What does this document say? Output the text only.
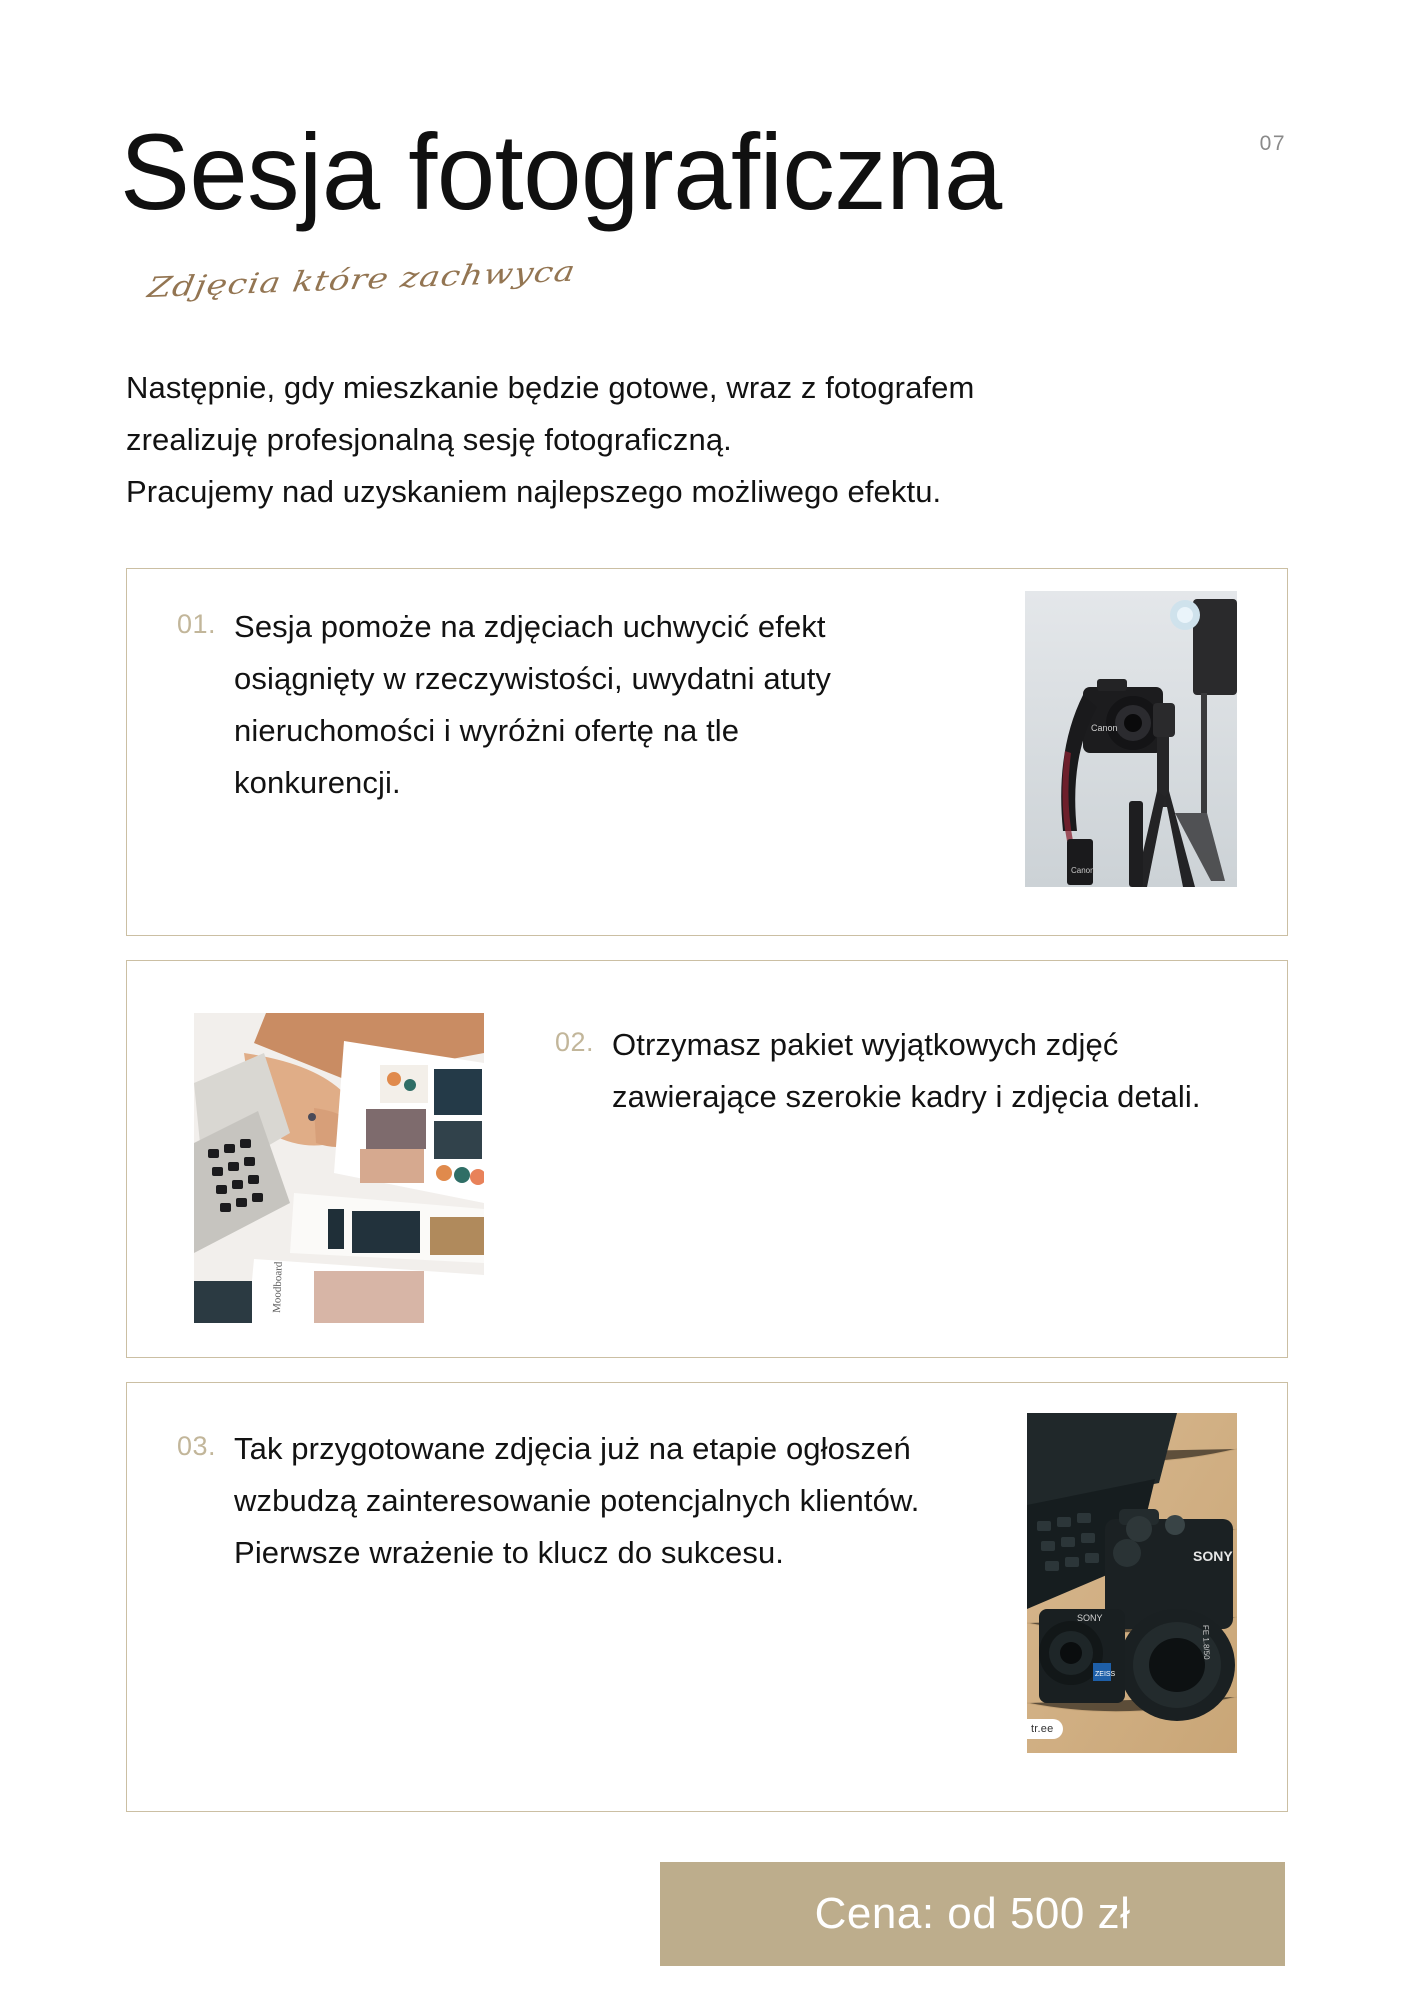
07
Sesja fotograficzna
Zdjęcia które zachwyca

Następnie, gdy mieszkanie będzie gotowe, wraz z fotografem

zrealizuję profesjonalną sesję fotograficzną.

Pracujemy nad uzyskaniem najlepszego możliwego efektu.

01. Sesja pomoże na zdjęciach uchwycić efekt osiągnięty w rzeczywistości, uwydatni atuty nieruchomości i wyróżni ofertę na tle konkurencji.
Canon
Canon
Moodboard
02. Otrzymasz pakiet wyjątkowych zdjęć zawierające szerokie kadry i zdjęcia detali.
03. Tak przygotowane zdjęcia już na etapie ogłoszeń wzbudzą zainteresowanie potencjalnych klientów. Pierwsze wrażenie to klucz do sukcesu.	SONY
FE 1.8/50
SONY
ZEISS
tr.ee
Cena: od 500 zł
